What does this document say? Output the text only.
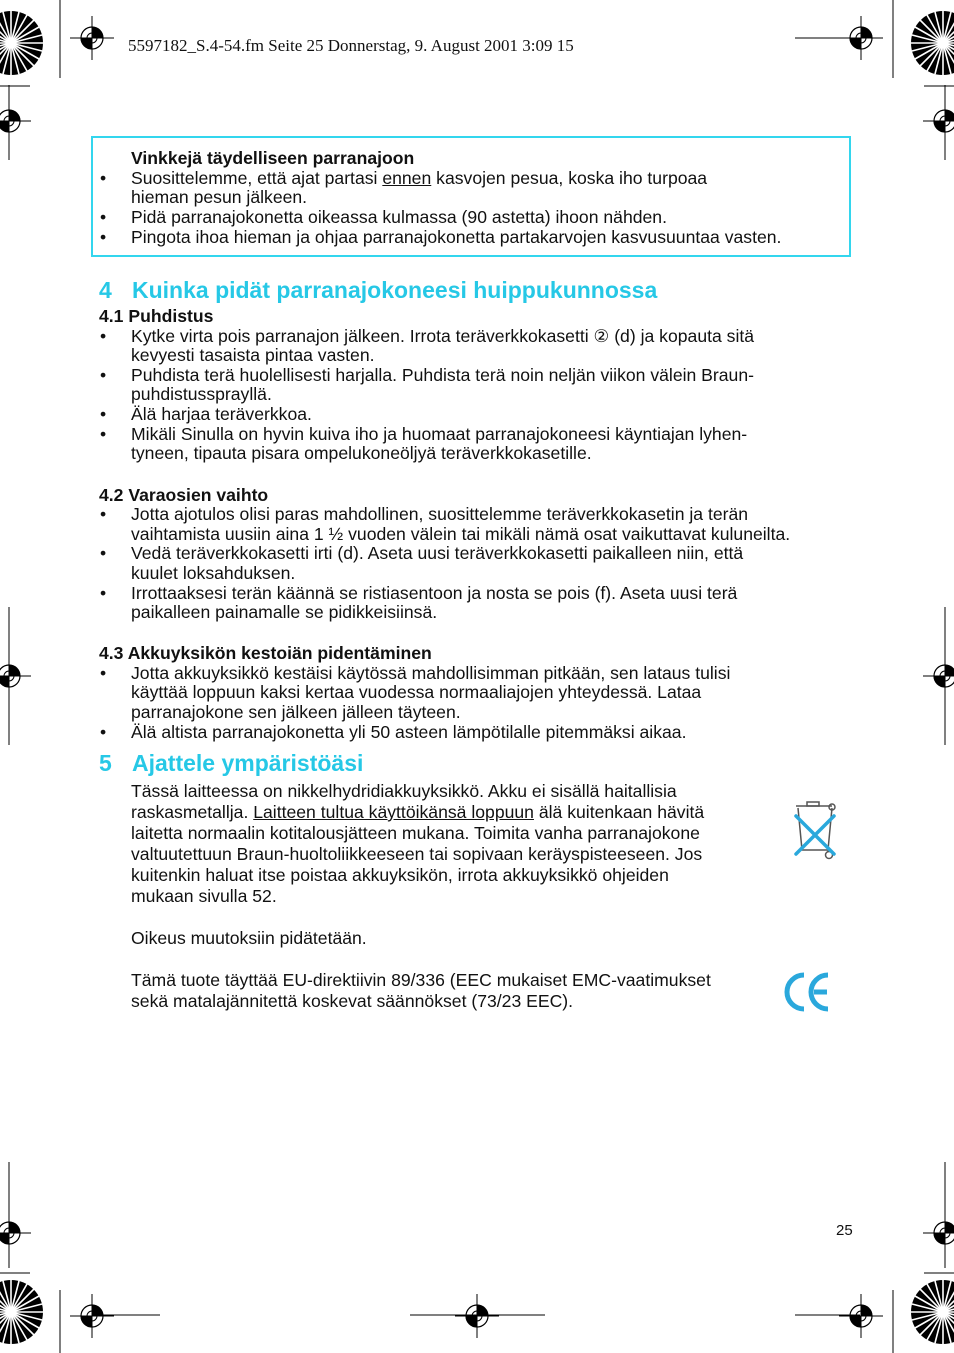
5597182_S.4-54.fm Seite 25 Donnerstag, 9. August 2001 3:09 15
Vinkkejä täydelliseen parranajoon
• Suosittelemme, että ajat partasi ennen kasvojen pesua, koska iho turpoaa
hieman pesun jälkeen.
• Pidä parranajokonetta oikeassa kulmassa (90 astetta) ihoon nähden.
• Pingota ihoa hieman ja ohjaa parranajokonetta partakarvojen kasvusuuntaa vasten.
4 Kuinka pidät parranajokoneesi huippukunnossa
4.1 Puhdistus
• Kytke virta pois parranajon jälkeen. Irrota teräverkkokasetti ② (d) ja kopauta sitä
kevyesti tasaista pintaa vasten.
• Puhdista terä huolellisesti harjalla. Puhdista terä noin neljän viikon välein Braun-
puhdistussprayllä.
• Älä harjaa teräverkkoa.
• Mikäli Sinulla on hyvin kuiva iho ja huomaat parranajokoneesi käyntiajan lyhen-
tyneen, tipauta pisara ompelukoneöljyä teräverkkokasetille.
4.2 Varaosien vaihto
• Jotta ajotulos olisi paras mahdollinen, suosittelemme teräverkkokasetin ja terän
vaihtamista uusiin aina 1 ½ vuoden välein tai mikäli nämä osat vaikuttavat kuluneilta.
• Vedä teräverkkokasetti irti (d). Aseta uusi teräverkkokasetti paikalleen niin, että
kuulet loksahduksen.
• Irrottaaksesi terän käännä se ristiasentoon ja nosta se pois (f). Aseta uusi terä
paikalleen painamalle se pidikkeisiinsä.
4.3 Akkuyksikön kestoiän pidentäminen
• Jotta akkuyksikkö kestäisi käytössä mahdollisimman pitkään, sen lataus tulisi
käyttää loppuun kaksi kertaa vuodessa normaaliajojen yhteydessä. Lataa
parranajokone sen jälkeen jälleen täyteen.
• Älä altista parranajokonetta yli 50 asteen lämpötilalle pitemmäksi aikaa.
5 Ajattele ympäristöäsi
Tässä laitteessa on nikkelhydridiakkuyksikkö. Akku ei sisällä haitallisia
raskasmetallja. Laitteen tultua käyttöikänsä loppuun älä kuitenkaan hävitä
laitetta normaalin kotitalousjätteen mukana. Toimita vanha parranajokone
valtuutettuun Braun-huoltoliikkeeseen tai sopivaan keräyspisteeseen. Jos
kuitenkin haluat itse poistaa akkuyksikön, irrota akkuyksikkö ohjeiden
mukaan sivulla 52.
Oikeus muutoksiin pidätetään.
Tämä tuote täyttää EU-direktiivin 89/336 (EEC mukaiset EMC-vaatimukset
sekä matalajännitettä koskevat säännökset (73/23 EEC).
25
